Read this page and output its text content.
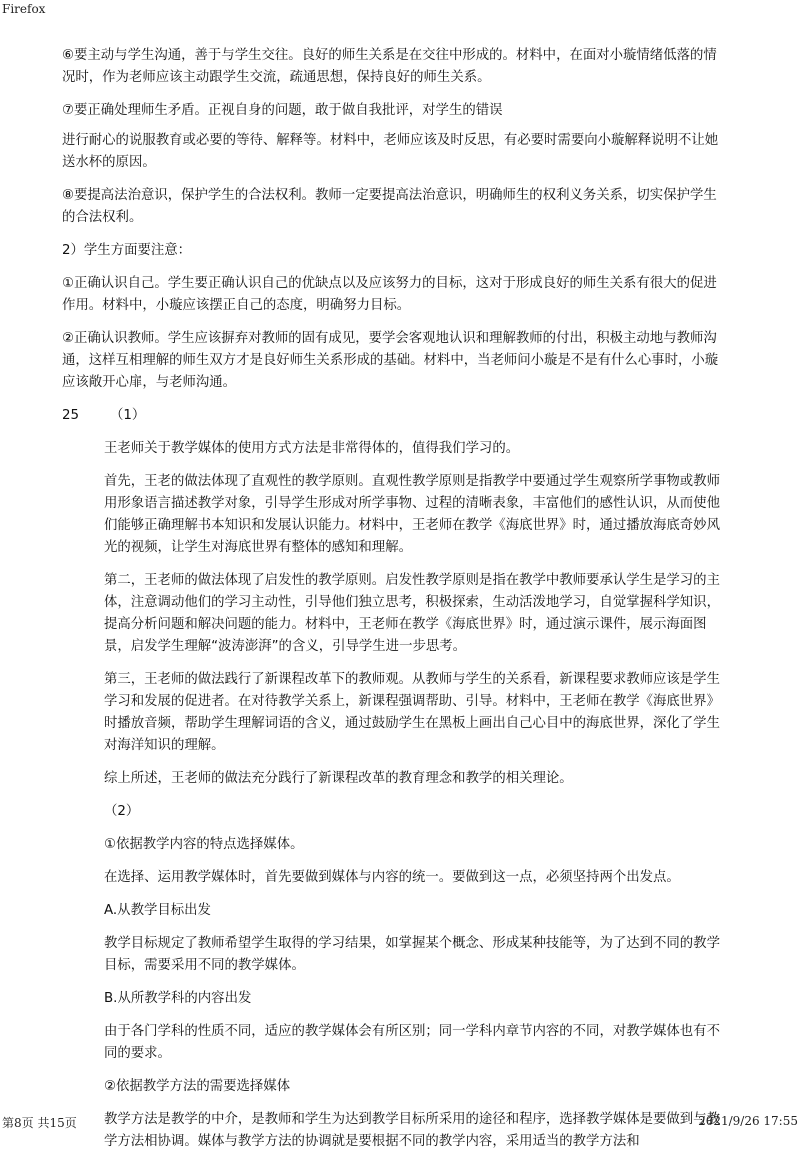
Firefox

⑥要主动与学生沟通，善于与学生交往。良好的师生关系是在交往中形成的。材料中，在面对小璇情绪低落的情况时，作为老师应该主动跟学生交流，疏通思想，保持良好的师生关系。

⑦要正确处理师生矛盾。正视自身的问题，敢于做自我批评，对学生的错误

进行耐心的说服教育或必要的等待、解释等。材料中，老师应该及时反思，有必要时需要向小璇解释说明不让她送水杯的原因。

⑧要提高法治意识，保护学生的合法权利。教师一定要提高法治意识，明确师生的权利义务关系，切实保护学生的合法权利。

2）学生方面要注意：

①正确认识自己。学生要正确认识自己的优缺点以及应该努力的目标，这对于形成良好的师生关系有很大的促进作用。材料中，小璇应该摆正自己的态度，明确努力目标。

②正确认识教师。学生应该摒弃对教师的固有成见，要学会客观地认识和理解教师的付出，积极主动地与教师沟通，这样互相理解的师生双方才是良好师生关系形成的基础。材料中，当老师问小璇是不是有什么心事时，小璇应该敞开心扉，与老师沟通。

25	（1）

王老师关于教学媒体的使用方式方法是非常得体的，值得我们学习的。

首先，王老的做法体现了直观性的教学原则。直观性教学原则是指教学中要通过学生观察所学事物或教师用形象语言描述教学对象，引导学生形成对所学事物、过程的清晰表象，丰富他们的感性认识，从而使他们能够正确理解书本知识和发展认识能力。材料中，王老师在教学《海底世界》时，通过播放海底奇妙风光的视频，让学生对海底世界有整体的感知和理解。

第二，王老师的做法体现了启发性的教学原则。启发性教学原则是指在教学中教师要承认学生是学习的主体，注意调动他们的学习主动性，引导他们独立思考，积极探索，生动活泼地学习，自觉掌握科学知识，提高分析问题和解决问题的能力。材料中，王老师在教学《海底世界》时，通过演示课件，展示海面图景，启发学生理解“波涛澎湃”的含义，引导学生进一步思考。

第三，王老师的做法践行了新课程改革下的教师观。从教师与学生的关系看，新课程要求教师应该是学生学习和发展的促进者。在对待教学关系上，新课程强调帮助、引导。材料中，王老师在教学《海底世界》时播放音频，帮助学生理解词语的含义，通过鼓励学生在黑板上画出自己心目中的海底世界，深化了学生对海洋知识的理解。

综上所述，王老师的做法充分践行了新课程改革的教育理念和教学的相关理论。

（2）

①依据教学内容的特点选择媒体。

在选择、运用教学媒体时，首先要做到媒体与内容的统一。要做到这一点，必须坚持两个出发点。

A.从教学目标出发

教学目标规定了教师希望学生取得的学习结果，如掌握某个概念、形成某种技能等，为了达到不同的教学目标，需要采用不同的教学媒体。

B.从所教学科的内容出发

由于各门学科的性质不同，适应的教学媒体会有所区别；同一学科内章节内容的不同，对教学媒体也有不同的要求。

②依据教学方法的需要选择媒体

教学方法是教学的中介，是教师和学生为达到教学目标所采用的途径和程序，选择教学媒体是要做到与教学方法相协调。媒体与教学方法的协调就是要根据不同的教学内容，采用适当的教学方法和

第8页 共15页	2021/9/26 17:55
